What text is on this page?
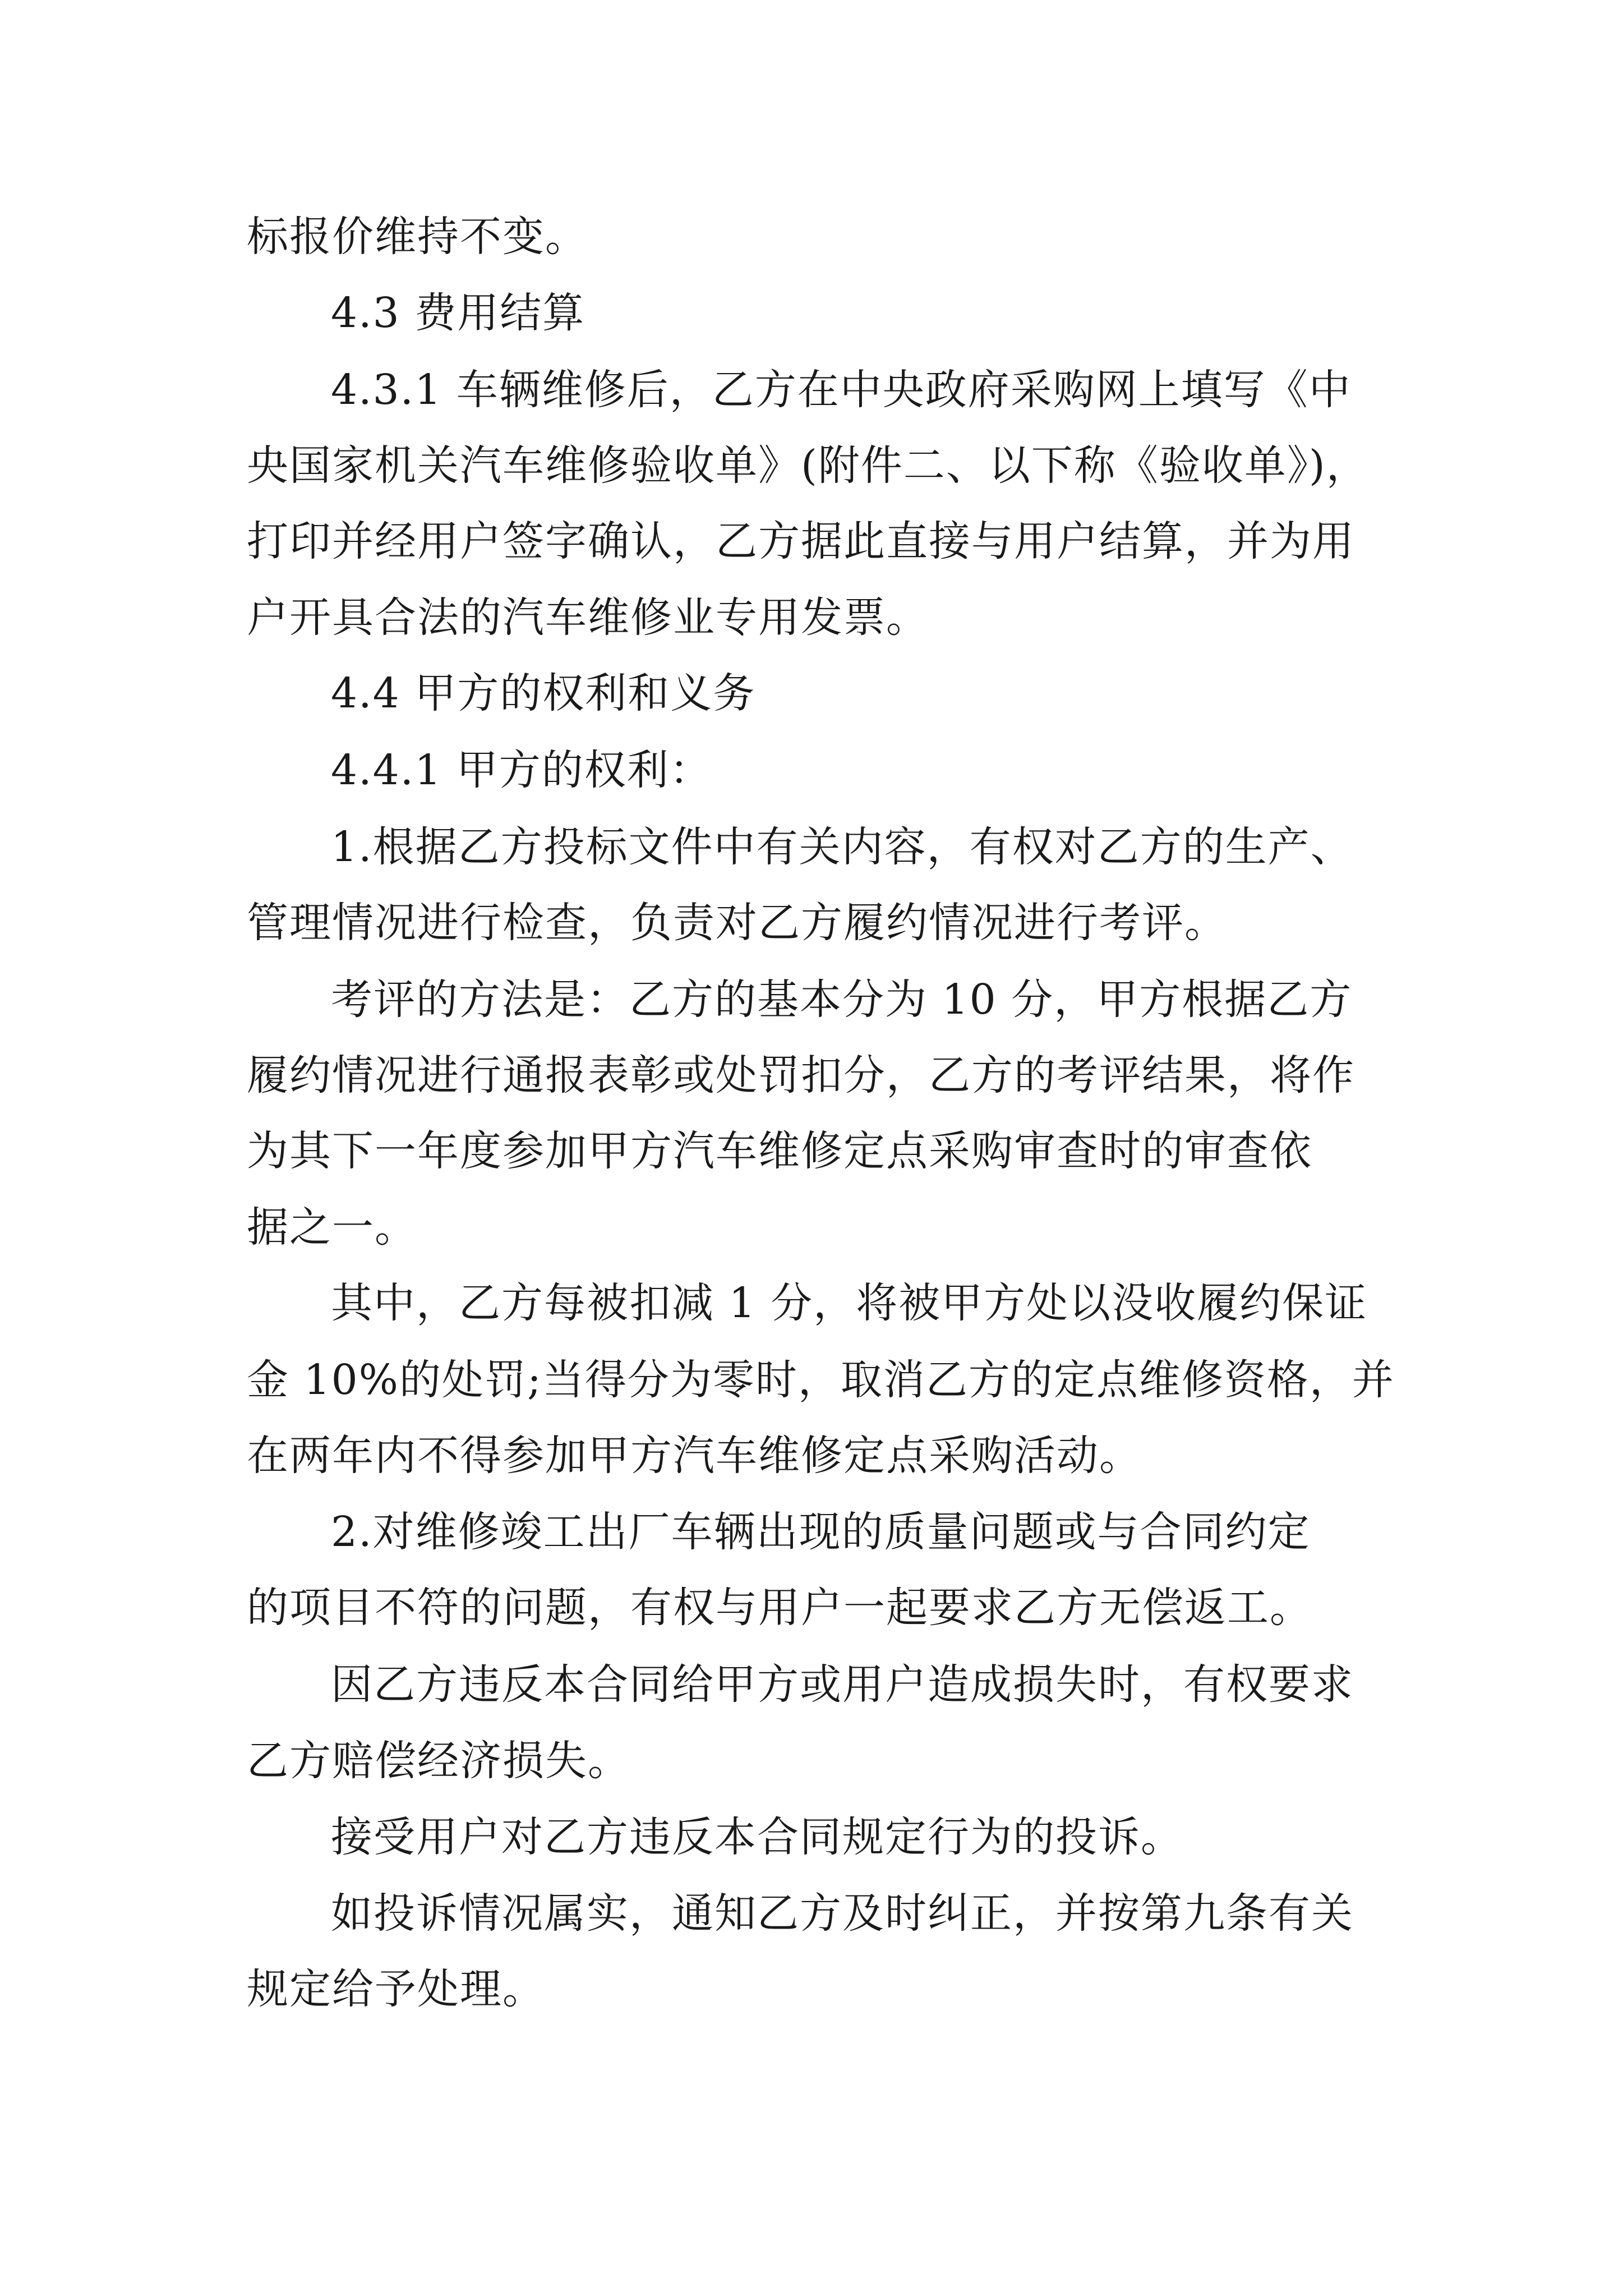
标报价维持不变。
4.3 费用结算
4.3.1 车辆维修后，乙方在中央政府采购网上填写《中
央国家机关汽车维修验收单》(附件二、以下称《验收单》)，
打印并经用户签字确认，乙方据此直接与用户结算，并为用
户开具合法的汽车维修业专用发票。
4.4 甲方的权利和义务
4.4.1 甲方的权利：
1.根据乙方投标文件中有关内容，有权对乙方的生产、
管理情况进行检查，负责对乙方履约情况进行考评。
考评的方法是：乙方的基本分为 10 分，甲方根据乙方
履约情况进行通报表彰或处罚扣分，乙方的考评结果，将作
为其下一年度参加甲方汽车维修定点采购审查时的审查依
据之一。
其中，乙方每被扣减 1 分，将被甲方处以没收履约保证
金 10%的处罚;当得分为零时，取消乙方的定点维修资格，并
在两年内不得参加甲方汽车维修定点采购活动。
2.对维修竣工出厂车辆出现的质量问题或与合同约定
的项目不符的问题，有权与用户一起要求乙方无偿返工。
因乙方违反本合同给甲方或用户造成损失时，有权要求
乙方赔偿经济损失。
接受用户对乙方违反本合同规定行为的投诉。
如投诉情况属实，通知乙方及时纠正，并按第九条有关
规定给予处理。
